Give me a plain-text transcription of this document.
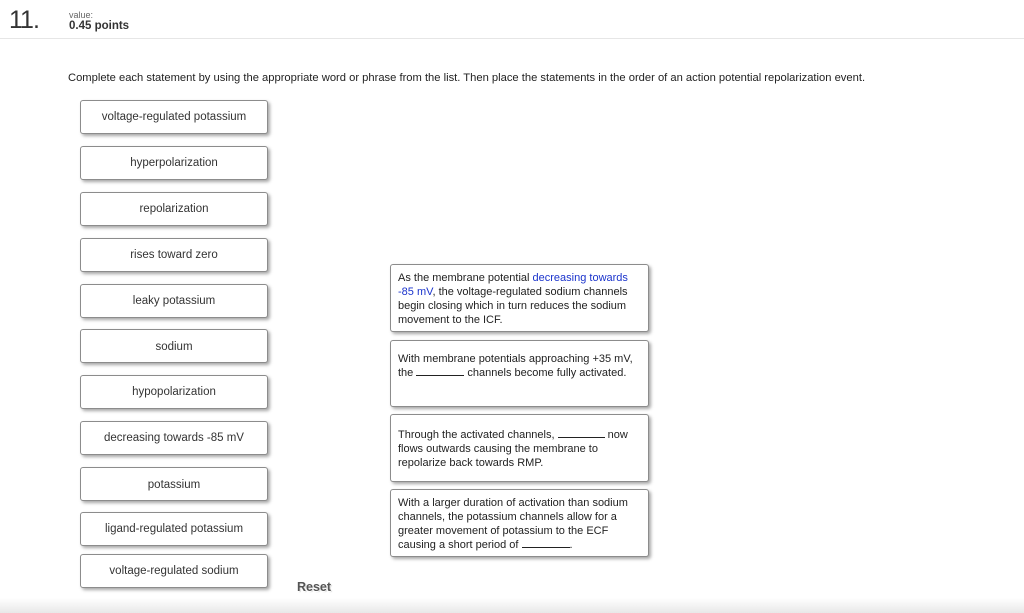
11.	value:
0.45 points
Complete each statement by using the appropriate word or phrase from the list. Then place the statements in the order of an action potential repolarization event.
voltage-regulated potassium
hyperpolarization
repolarization
rises toward zero
leaky potassium
sodium
hypopolarization
decreasing towards -85 mV
potassium
ligand-regulated potassium
voltage-regulated sodium
As the membrane potential decreasing towards -85 mV, the voltage-regulated sodium channels begin closing which in turn reduces the sodium movement to the ICF.
With membrane potentials approaching +35 mV, the	channels become fully activated.
Through the activated channels,	now flows outwards causing the membrane to repolarize back towards RMP.
With a larger duration of activation than sodium channels, the potassium channels allow for a greater movement of potassium to the ECF causing a short period of	.
Reset
